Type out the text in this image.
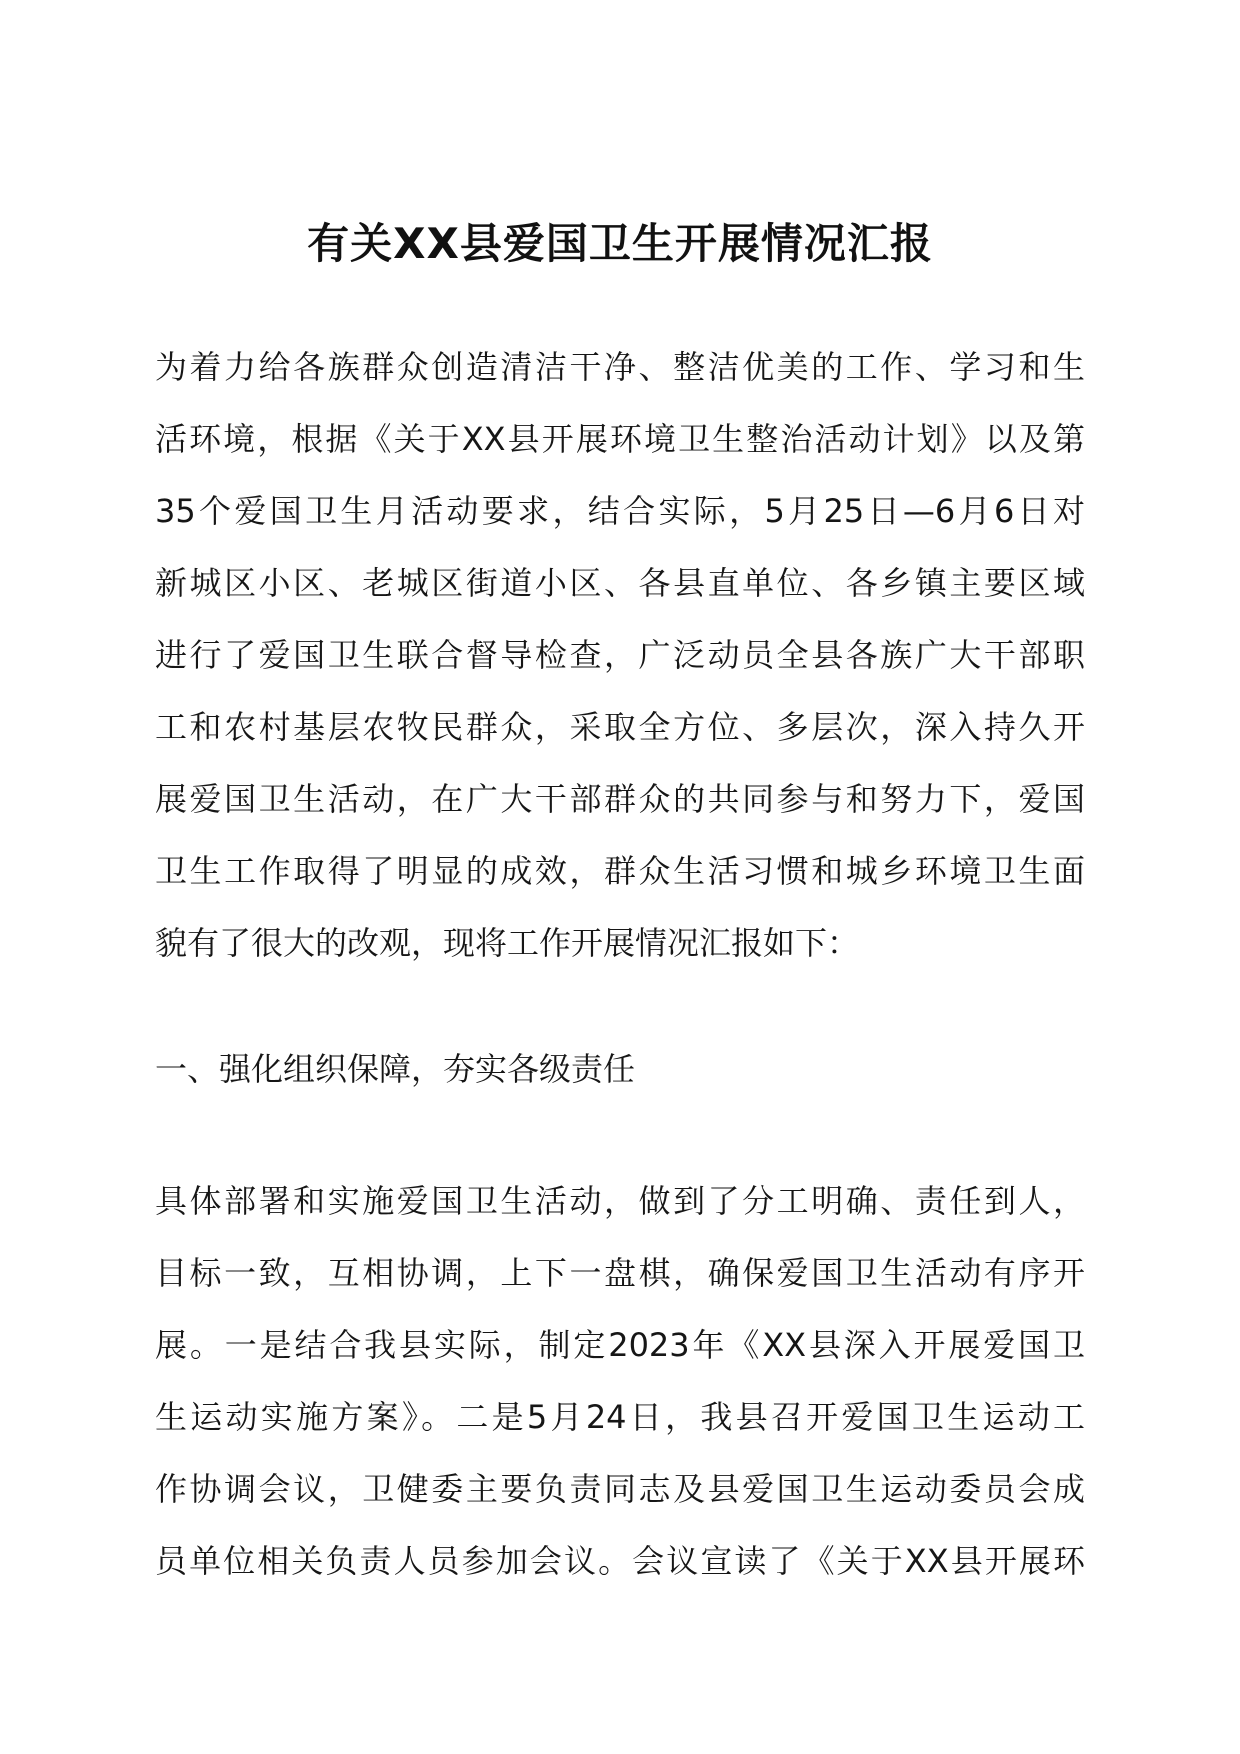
有关XX县爱国卫生开展情况汇报
为着力给各族群众创造清洁干净、整洁优美的工作、学习和生
活环境，根据《关于XX县开展环境卫生整治活动计划》以及第
35个爱国卫生月活动要求，结合实际，5月25日—6月6日对
新城区小区、老城区街道小区、各县直单位、各乡镇主要区域
进行了爱国卫生联合督导检查，广泛动员全县各族广大干部职
工和农村基层农牧民群众，采取全方位、多层次，深入持久开
展爱国卫生活动，在广大干部群众的共同参与和努力下，爱国
卫生工作取得了明显的成效，群众生活习惯和城乡环境卫生面
貌有了很大的改观，现将工作开展情况汇报如下：
一、强化组织保障，夯实各级责任
具体部署和实施爱国卫生活动，做到了分工明确、责任到人，
目标一致，互相协调，上下一盘棋，确保爱国卫生活动有序开
展。一是结合我县实际，制定2023年《XX县深入开展爱国卫
生运动实施方案》。二是5月24日，我县召开爱国卫生运动工
作协调会议，卫健委主要负责同志及县爱国卫生运动委员会成
员单位相关负责人员参加会议。会议宣读了《关于XX县开展环
